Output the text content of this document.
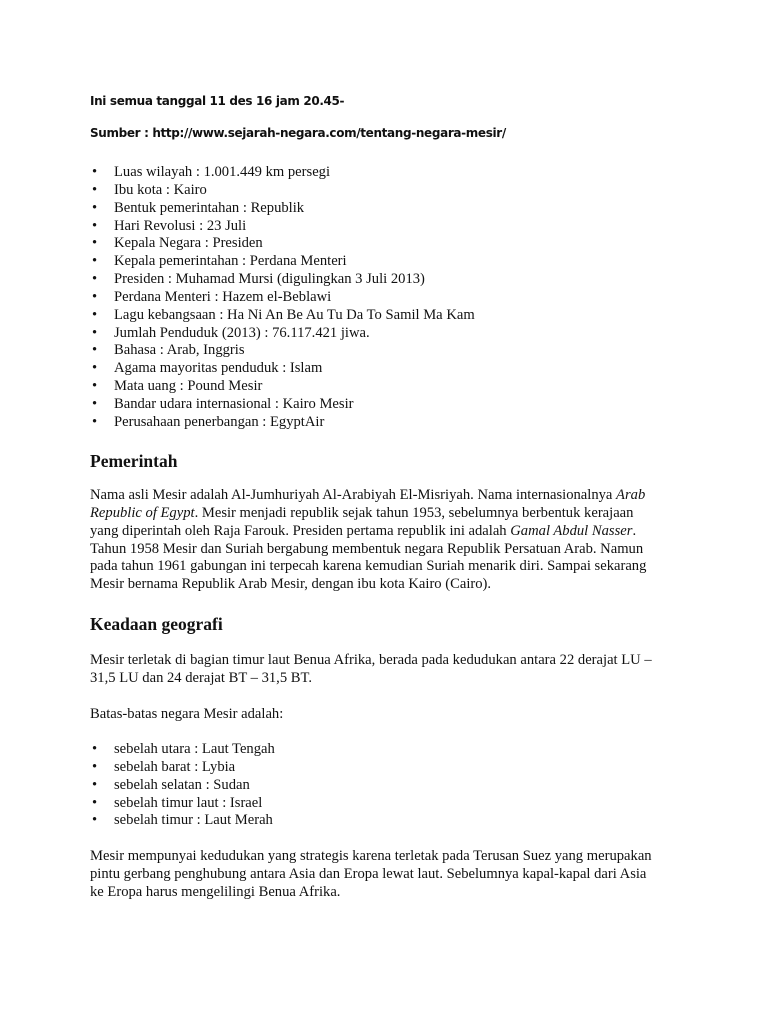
Ini semua tanggal 11 des 16 jam 20.45-
Sumber : http://www.sejarah-negara.com/tentang-negara-mesir/
• Luas wilayah : 1.001.449 km persegi
• Ibu kota : Kairo
• Bentuk pemerintahan : Republik
• Hari Revolusi : 23 Juli
• Kepala Negara : Presiden
• Kepala pemerintahan : Perdana Menteri
• Presiden : Muhamad Mursi (digulingkan 3 Juli 2013)
• Perdana Menteri : Hazem el-Beblawi
• Lagu kebangsaan : Ha Ni An Be Au Tu Da To Samil Ma Kam
• Jumlah Penduduk (2013) : 76.117.421 jiwa.
• Bahasa : Arab, Inggris
• Agama mayoritas penduduk : Islam
• Mata uang : Pound Mesir
• Bandar udara internasional : Kairo Mesir
• Perusahaan penerbangan : EgyptAir
Pemerintah

Nama asli Mesir adalah Al-Jumhuriyah Al-Arabiyah El-Misriyah. Nama internasionalnya Arab
Republic of Egypt. Mesir menjadi republik sejak tahun 1953, sebelumnya berbentuk kerajaan
yang diperintah oleh Raja Farouk. Presiden pertama republik ini adalah Gamal Abdul Nasser.
Tahun 1958 Mesir dan Suriah bergabung membentuk negara Republik Persatuan Arab. Namun
pada tahun 1961 gabungan ini terpecah karena kemudian Suriah menarik diri. Sampai sekarang
Mesir bernama Republik Arab Mesir, dengan ibu kota Kairo (Cairo).

Keadaan geografi

Mesir terletak di bagian timur laut Benua Afrika, berada pada kedudukan antara 22 derajat LU –
31,5 LU dan 24 derajat BT – 31,5 BT.

Batas-batas negara Mesir adalah:

• sebelah utara : Laut Tengah
• sebelah barat : Lybia
• sebelah selatan : Sudan
• sebelah timur laut : Israel
• sebelah timur : Laut Merah

Mesir mempunyai kedudukan yang strategis karena terletak pada Terusan Suez yang merupakan
pintu gerbang penghubung antara Asia dan Eropa lewat laut. Sebelumnya kapal-kapal dari Asia
ke Eropa harus mengelilingi Benua Afrika.
